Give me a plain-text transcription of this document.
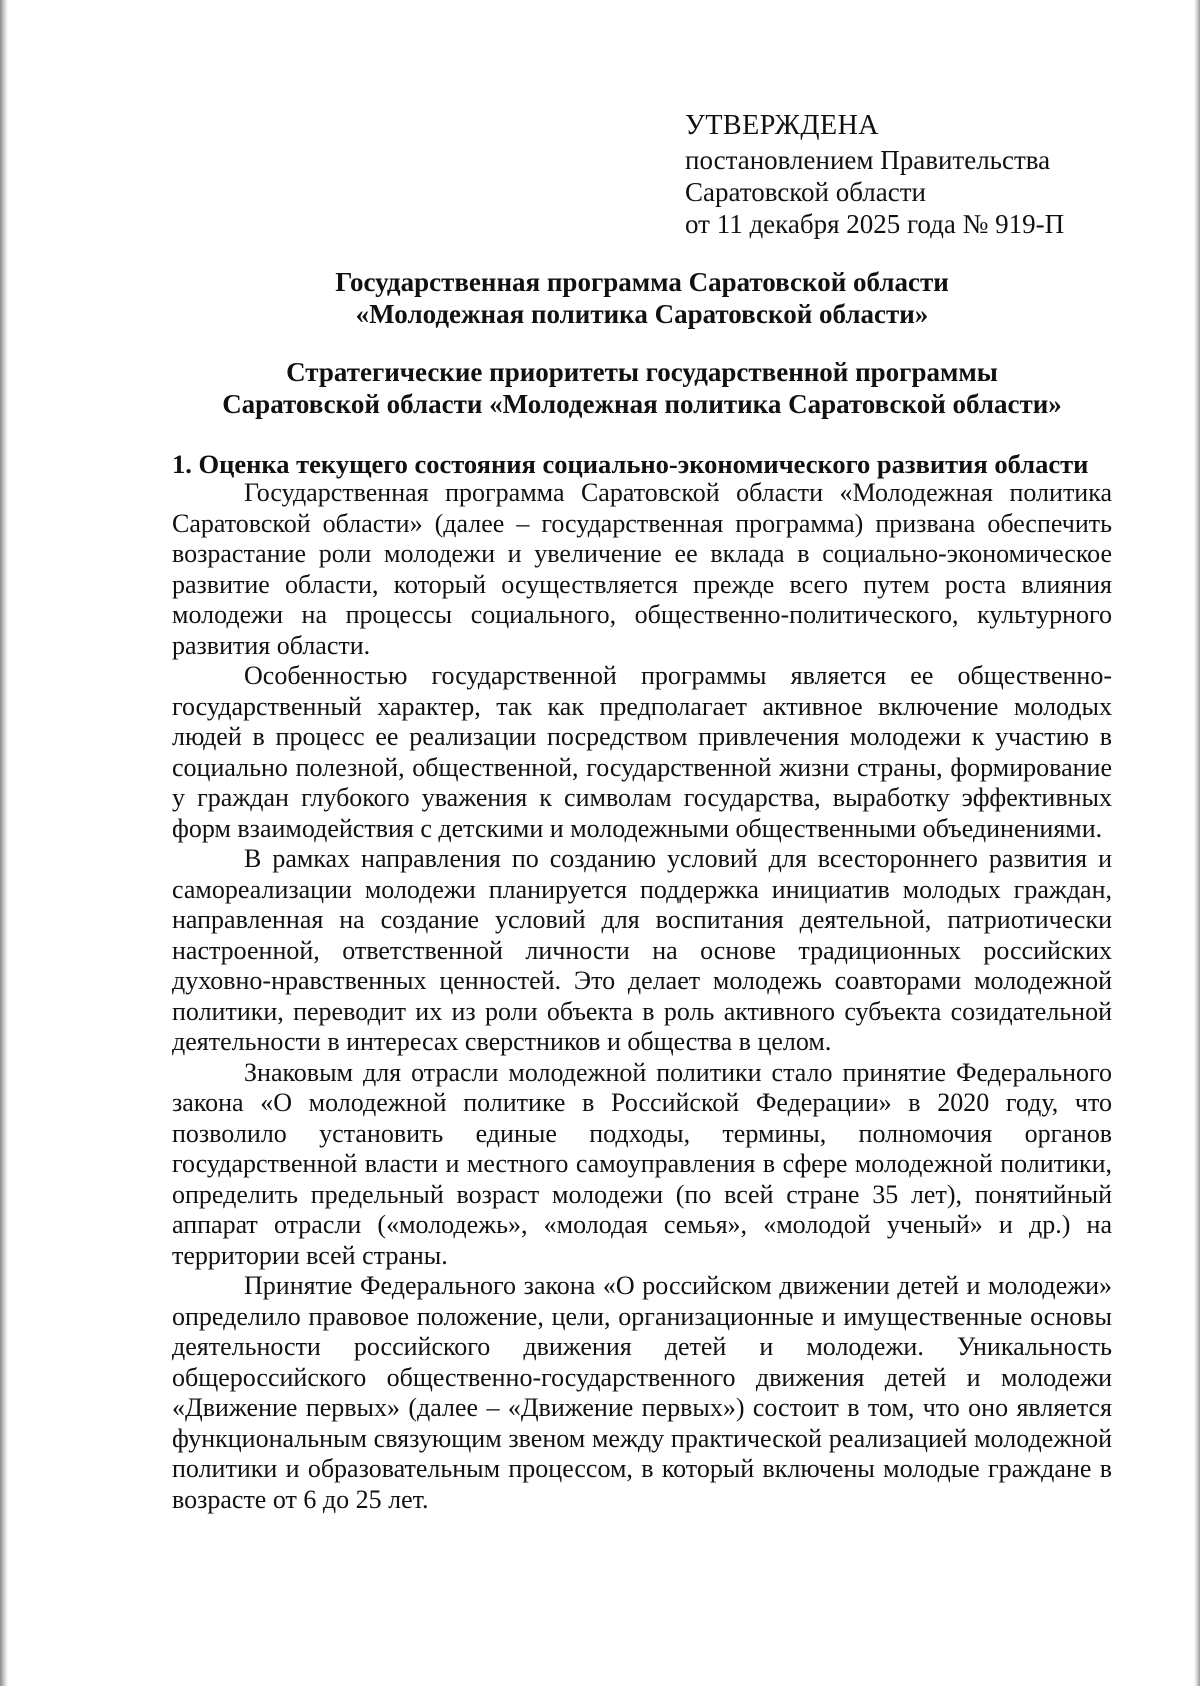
УТВЕРЖДЕНА
постановлением Правительства
Саратовской области
от 11 декабря 2025 года № 919-П
Государственная программа Саратовской области
«Молодежная политика Саратовской области»
Стратегические приоритеты государственной программы
Саратовской области «Молодежная политика Саратовской области»
1. Оценка текущего состояния социально-экономического развития области

Государственная программа Саратовской области «Молодежная политика Саратовской области» (далее – государственная программа) призвана обеспечить возрастание роли молодежи и увеличение ее вклада в социально-экономическое развитие области, который осуществляется прежде всего путем роста влияния молодежи на процессы социального, общественно-политического, культурного развития области.

Особенностью государственной программы является ее общественно-государственный характер, так как предполагает активное включение молодых людей в процесс ее реализации посредством привлечения молодежи к участию в социально полезной, общественной, государственной жизни страны, формирование у граждан глубокого уважения к символам государства, выработку эффективных форм взаимодействия с детскими и молодежными общественными объединениями.

В рамках направления по созданию условий для всестороннего развития и самореализации молодежи планируется поддержка инициатив молодых граждан, направленная на создание условий для воспитания деятельной, патриотически настроенной, ответственной личности на основе традиционных российских духовно-нравственных ценностей. Это делает молодежь соавторами молодежной политики, переводит их из роли объекта в роль активного субъекта созидательной деятельности в интересах сверстников и общества в целом.

Знаковым для отрасли молодежной политики стало принятие Федерального закона «О молодежной политике в Российской Федерации» в 2020 году, что позволило установить единые подходы, термины, полномочия органов государственной власти и местного самоуправления в сфере молодежной политики, определить предельный возраст молодежи (по всей стране 35 лет), понятийный аппарат отрасли («молодежь», «молодая семья», «молодой ученый» и др.) на территории всей страны.

Принятие Федерального закона «О российском движении детей и молодежи» определило правовое положение, цели, организационные и имущественные основы деятельности российского движения детей и молодежи. Уникальность общероссийского общественно-государственного движения детей и молодежи «Движение первых» (далее – «Движение первых») состоит в том, что оно является функциональным связующим звеном между практической реализацией молодежной политики и образовательным процессом, в который включены молодые граждане в возрасте от 6 до 25 лет.
